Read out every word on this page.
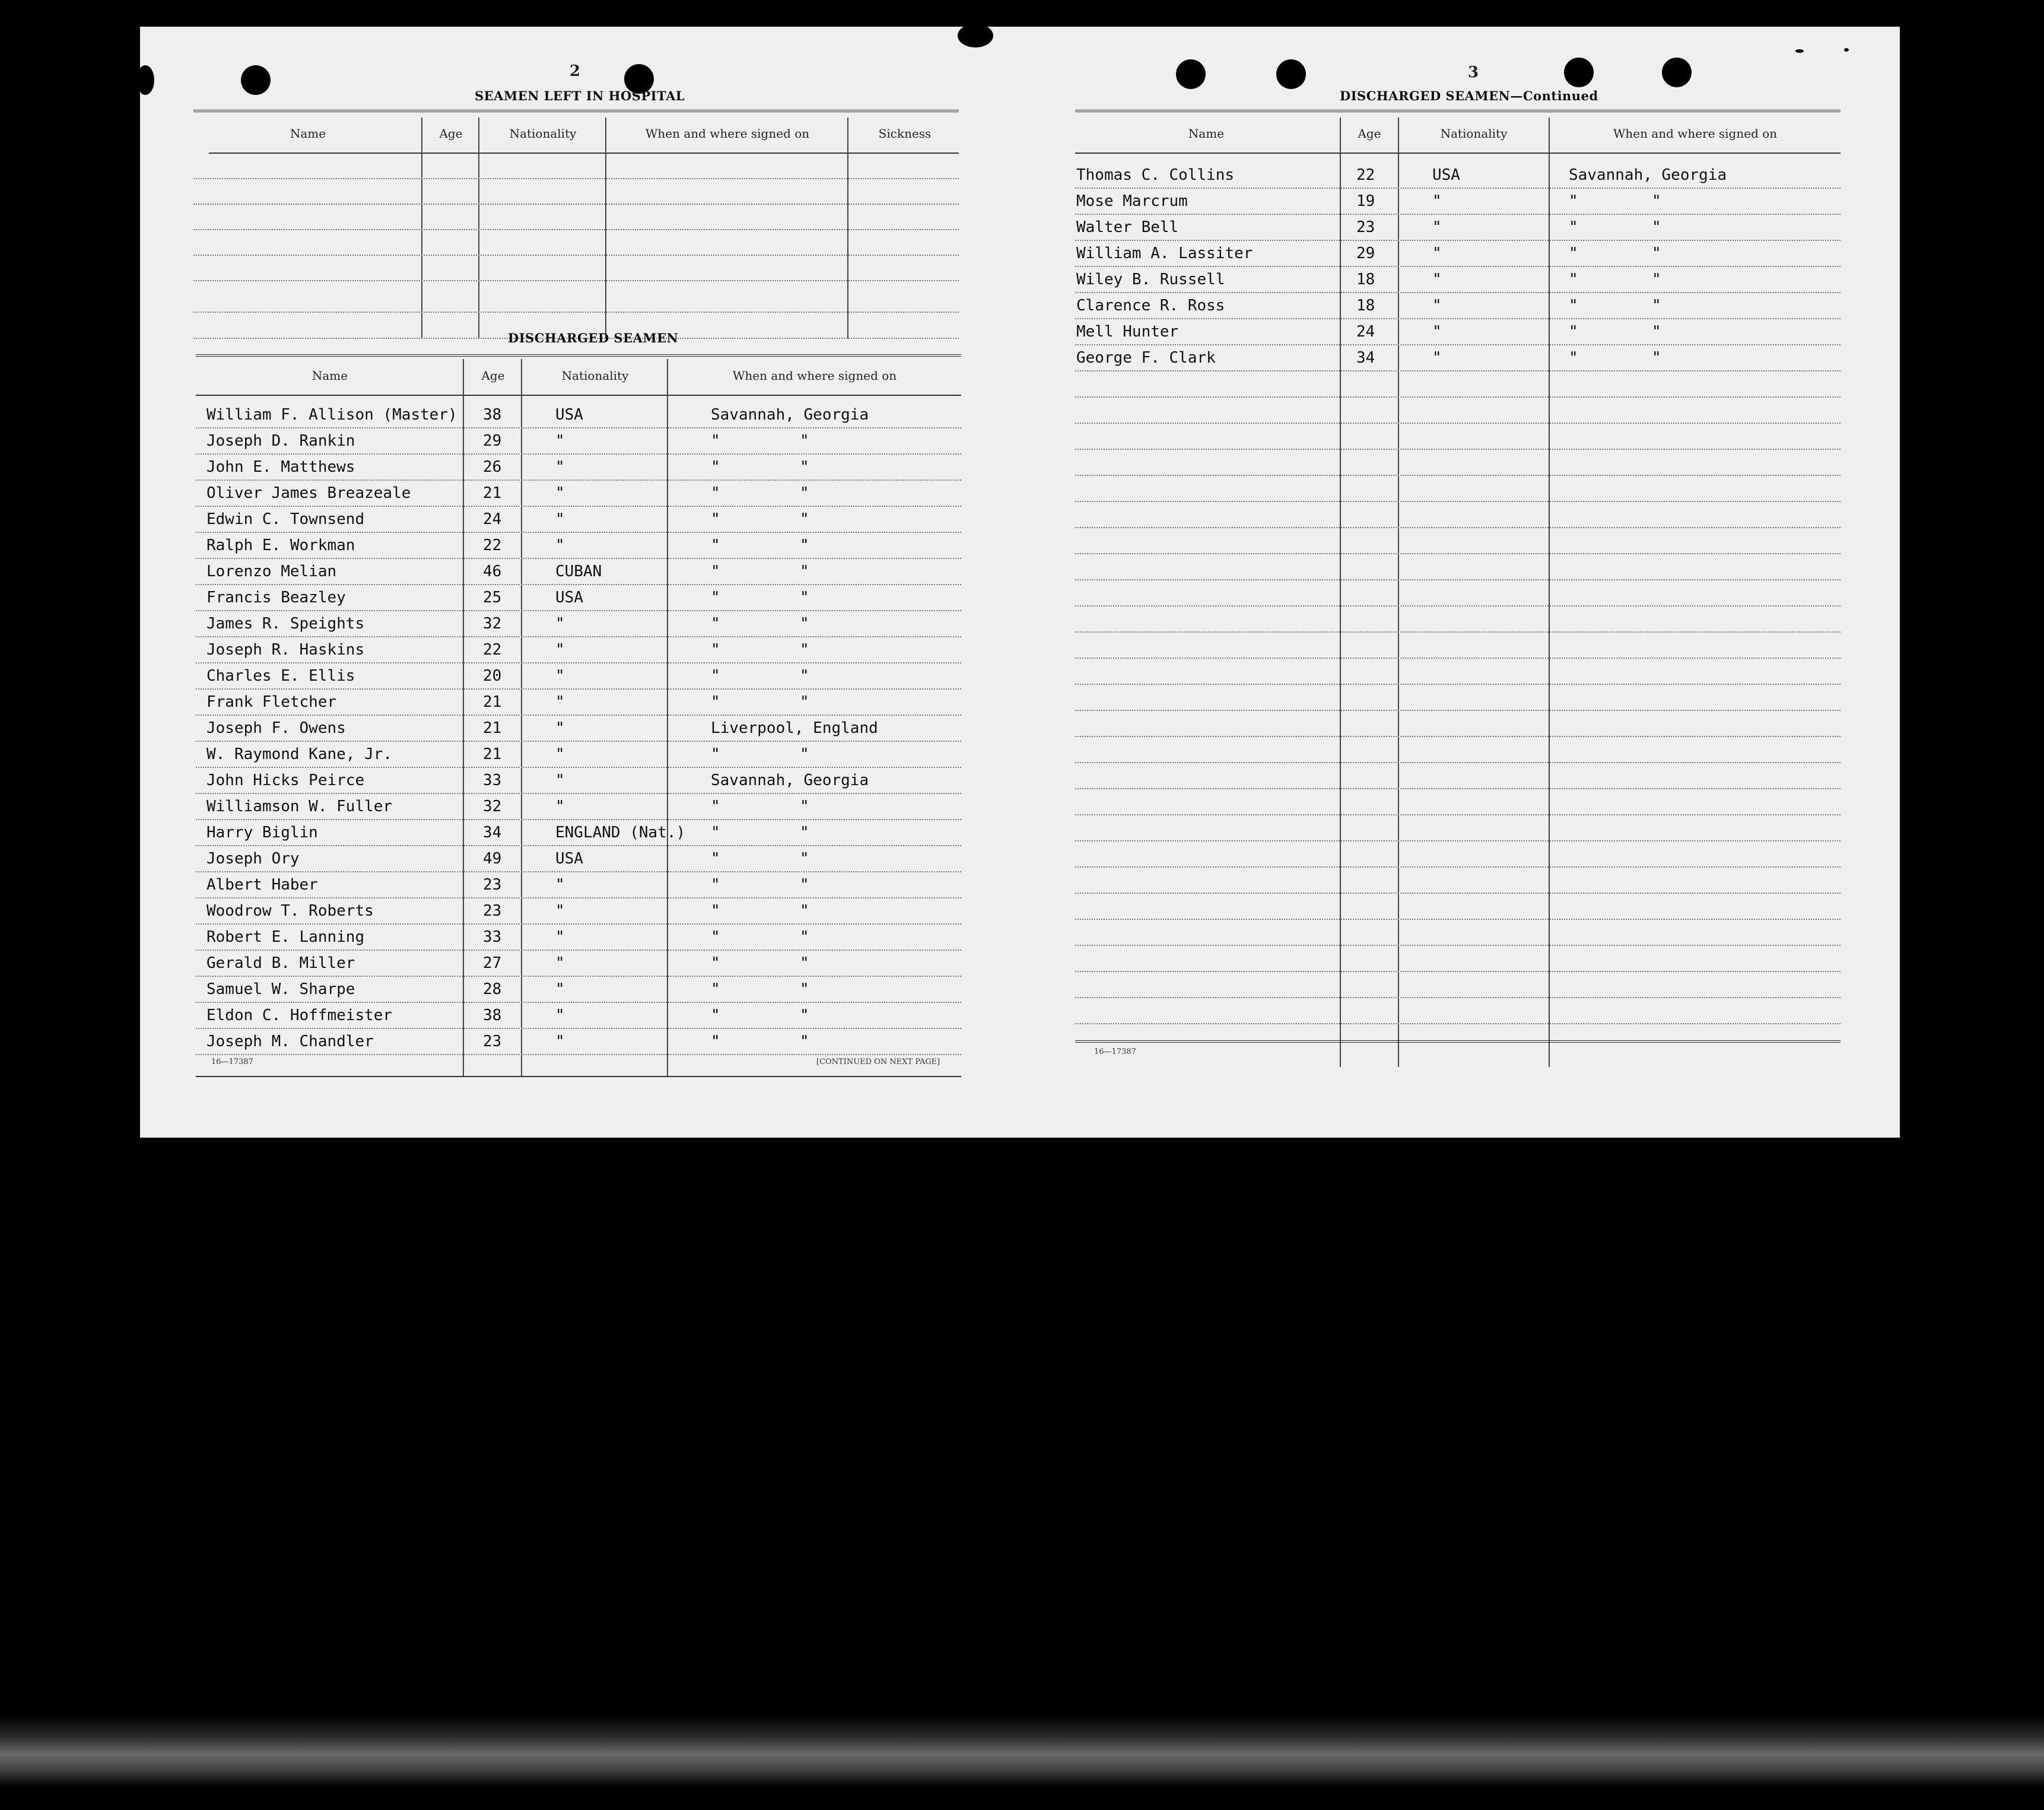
2
SEAMEN LEFT IN HOSPITAL
Name	Age	Nationality	When and where signed on	Sickness
DISCHARGED SEAMEN
Name	Age	Nationality	When and where signed on
William F. Allison (Master) 38	USA	Savannah, Georgia
Joseph D. Rankin	29	"	"	"
John E. Matthews	26	"	"	"
Oliver James Breazeale	21	"	"	"
Edwin C. Townsend	24	"	"	"
Ralph E. Workman	22	"	"	"
Lorenzo Melian	46	CUBAN	"	"
Francis Beazley	25	USA	"	"
James R. Speights	32	"	"	"
Joseph R. Haskins	22	"	"	"
Charles E. Ellis	20	"	"	"
Frank Fletcher	21	"	"	"
Joseph F. Owens	21	"	Liverpool, England
W. Raymond Kane, Jr.	21	"	"	"
John Hicks Peirce	33	"	Savannah, Georgia
Williamson W. Fuller	32	"	"	"
Harry Biglin	34	ENGLAND (Nat.) "	"
Joseph Ory	49	USA	"	"
Albert Haber	23	"	"	"
Woodrow T. Roberts	23	"	"	"
Robert E. Lanning	33	"	"	"
Gerald B. Miller	27	"	"	"
Samuel W. Sharpe	28	"	"	"
Eldon C. Hoffmeister	38	"	"	"
Joseph M. Chandler	23	"	"	"
16—17387	[CONTINUED ON NEXT PAGE]
3
DISCHARGED SEAMEN—Continued
Name	Age	Nationality	When and where signed on
Thomas C. Collins	22	USA	Savannah, Georgia
Mose Marcrum	19	"	"	"
Walter Bell	23	"	"	"
William A. Lassiter	29	"	"	"
Wiley B. Russell	18	"	"	"
Clarence R. Ross	18	"	"	"
Mell Hunter	24	"	"	"
George F. Clark	34	"	"	"
16—17387
